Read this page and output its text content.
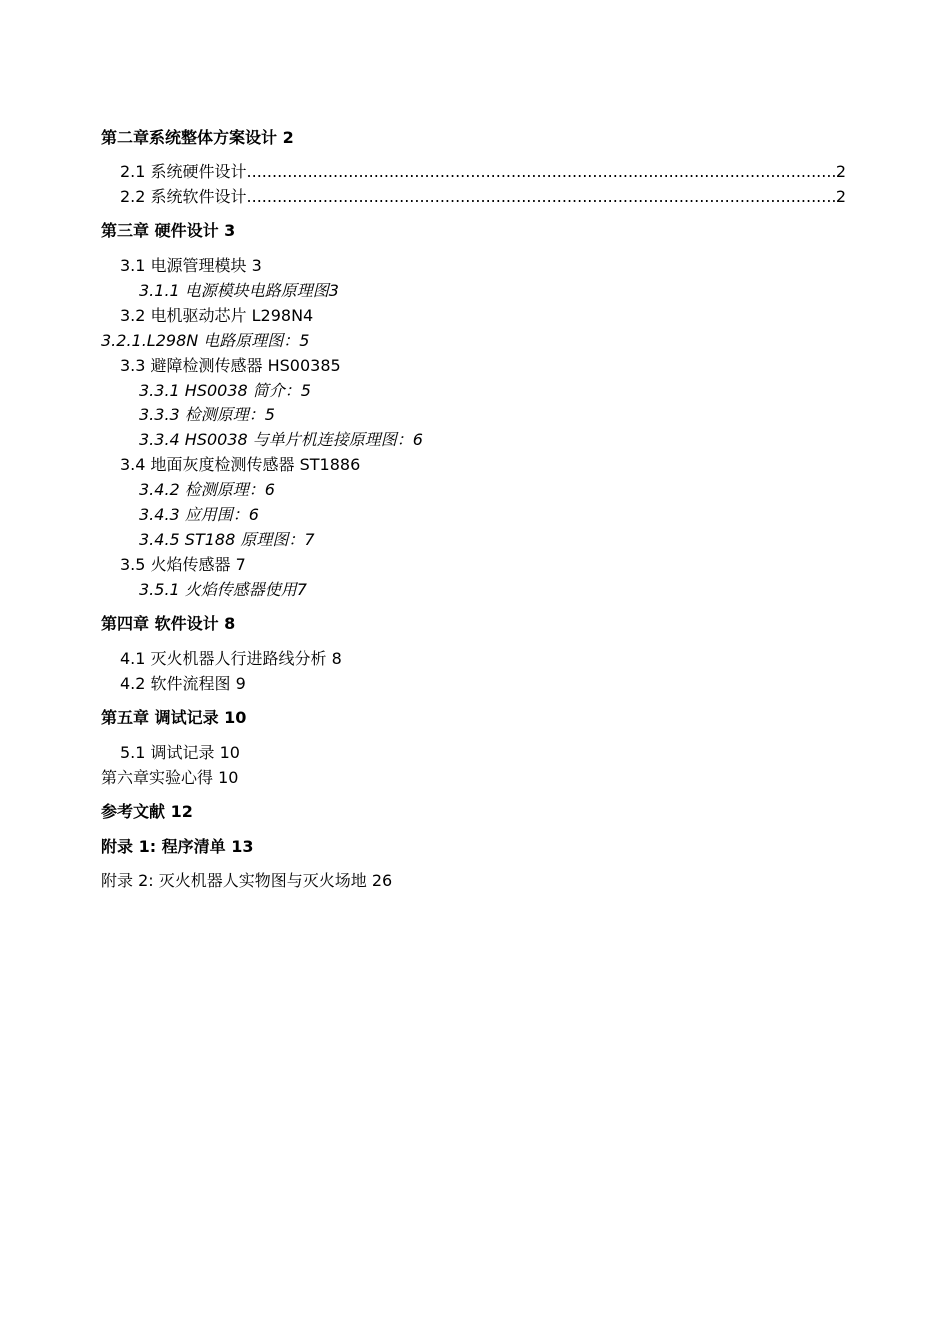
第二章系统整体方案设计 2
2.1 系统硬件设计 .....	2
2.2 系统软件设计 .....	2
第三章 硬件设计 3
3.1 电源管理模块 3
3.1.1 电源模块电路原理图3
3.2 电机驱动芯片 L298N4
3.2.1.L298N 电路原理图：5
3.3 避障检测传感器 HS00385
3.3.1 HS0038 简介：5
3.3.3 检测原理：5
3.3.4 HS0038 与单片机连接原理图：6
3.4 地面灰度检测传感器 ST1886
3.4.2 检测原理：6
3.4.3 应用围：6
3.4.5 ST188 原理图：7
3.5 火焰传感器 7
3.5.1 火焰传感器使用7
第四章 软件设计 8
4.1 灭火机器人行进路线分析 8
4.2 软件流程图 9
第五章 调试记录 10
5.1 调试记录 10
第六章实验心得 10
参考文献 12
附录 1: 程序清单 13
附录 2: 灭火机器人实物图与灭火场地 26
